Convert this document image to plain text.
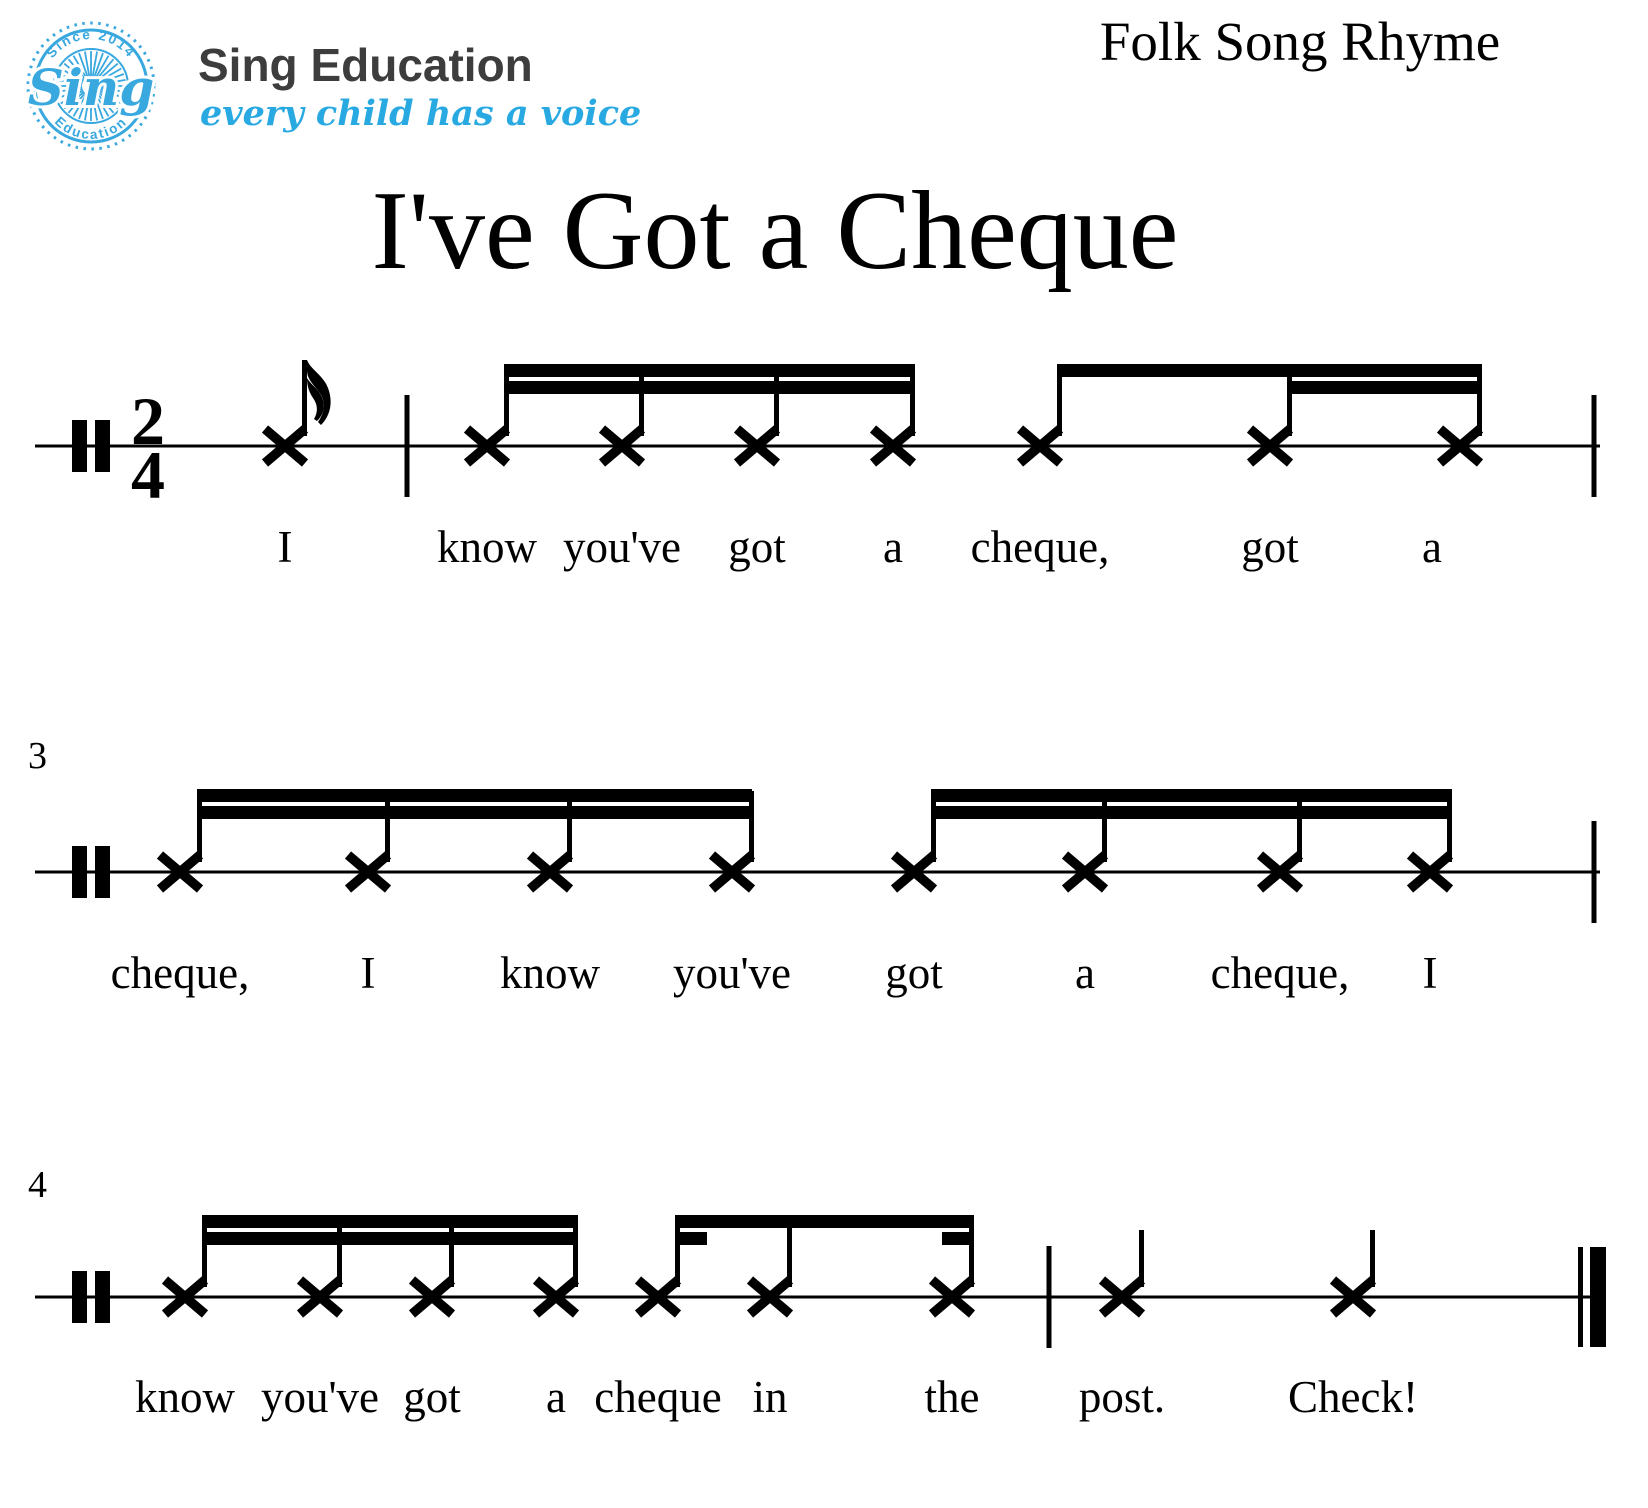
Since 2014
Education
Sing Sing Education
every child has a voice
Folk Song Rhyme
I've Got a Cheque
2
4
I	know you've got a cheque,	got	a
3
cheque, I	know you've got	a	cheque, I
4
know you've got a cheque in	the post.	Check!
